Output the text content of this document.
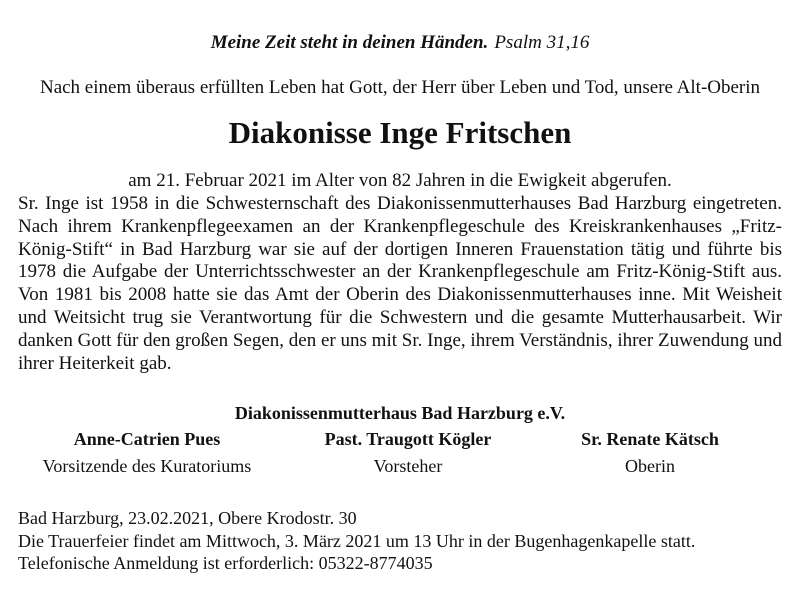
Meine Zeit steht in deinen Händen. Psalm 31,16
Nach einem überaus erfüllten Leben hat Gott, der Herr über Leben und Tod, unsere Alt-Oberin
Diakonisse Inge Fritschen
am 21. Februar 2021 im Alter von 82 Jahren in die Ewigkeit abgerufen.
Sr. Inge ist 1958 in die Schwesternschaft des Diakonissenmutterhauses Bad Harzburg eingetreten. Nach ihrem Krankenpflegeexamen an der Krankenpflegeschule des Kreiskrankenhauses „Fritz-König-Stift“ in Bad Harzburg war sie auf der dortigen Inneren Frauenstation tätig und führte bis 1978 die Aufgabe der Unterrichtsschwester an der Krankenpflegeschule am Fritz-König-Stift aus. Von 1981 bis 2008 hatte sie das Amt der Oberin des Diakonissenmutterhauses inne. Mit Weisheit und Weitsicht trug sie Verantwortung für die Schwestern und die gesamte Mutterhausarbeit. Wir danken Gott für den großen Segen, den er uns mit Sr. Inge, ihrem Verständnis, ihrer Zuwendung und ihrer Heiterkeit gab.
Diakonissenmutterhaus Bad Harzburg e.V.
Anne-Catrien Pues
Vorsitzende des Kuratoriums
Past. Traugott Kögler
Vorsteher
Sr. Renate Kätsch
Oberin
Bad Harzburg, 23.02.2021, Obere Krodostr. 30
Die Trauerfeier findet am Mittwoch, 3. März 2021 um 13 Uhr in der Bugenhagenkapelle statt.
Telefonische Anmeldung ist erforderlich: 05322-8774035
